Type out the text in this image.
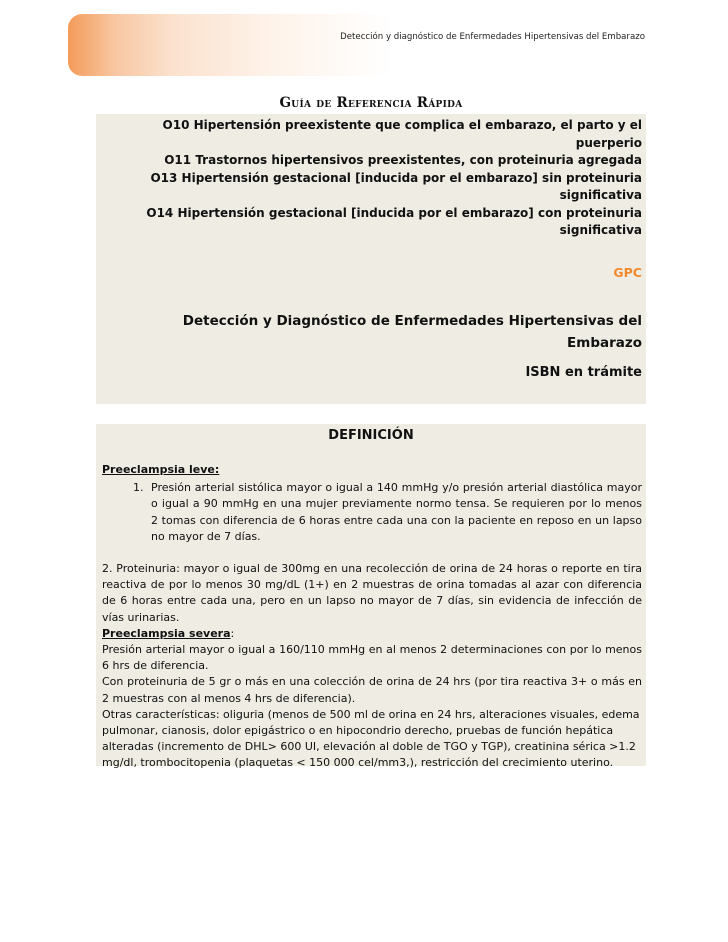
Detección y diagnóstico de Enfermedades Hipertensivas del Embarazo
Guía de Referencia Rápida
O10 Hipertensión preexistente que complica el embarazo, el parto y el puerperio
O11 Trastornos hipertensivos preexistentes, con proteinuria agregada
O13 Hipertensión gestacional [inducida por el embarazo] sin proteinuria significativa
O14 Hipertensión gestacional [inducida por el embarazo] con proteinuria significativa
GPC
Detección y Diagnóstico de Enfermedades Hipertensivas del Embarazo
ISBN en trámite
DEFINICIÓN

Preeclampsia leve:

1. Presión arterial sistólica mayor o igual a 140 mmHg y/o presión arterial diastólica mayor o igual a 90 mmHg en una mujer previamente normo tensa. Se requieren por lo menos 2 tomas con diferencia de 6 horas entre cada una con la paciente en reposo en un lapso no mayor de 7 días.

2. Proteinuria: mayor o igual de 300mg en una recolección de orina de 24 horas o reporte en tira reactiva de por lo menos 30 mg/dL (1+) en 2 muestras de orina tomadas al azar con diferencia de 6 horas entre cada una, pero en un lapso no mayor de 7 días, sin evidencia de infección de vías urinarias.

Preeclampsia severa:

Presión arterial mayor o igual a 160/110 mmHg en al menos 2 determinaciones con por lo menos 6 hrs de diferencia.

Con proteinuria de 5 gr o más en una colección de orina de 24 hrs (por tira reactiva 3+ o más en 2 muestras con al menos 4 hrs de diferencia).

Otras características: oliguria (menos de 500 ml de orina en 24 hrs, alteraciones visuales, edema pulmonar, cianosis, dolor epigástrico o en hipocondrio derecho, pruebas de función hepática alteradas (incremento de DHL> 600 UI, elevación al doble de TGO y TGP), creatinina sérica >1.2 mg/dl, trombocitopenia (plaquetas < 150 000 cel/mm3,), restricción del crecimiento uterino.
